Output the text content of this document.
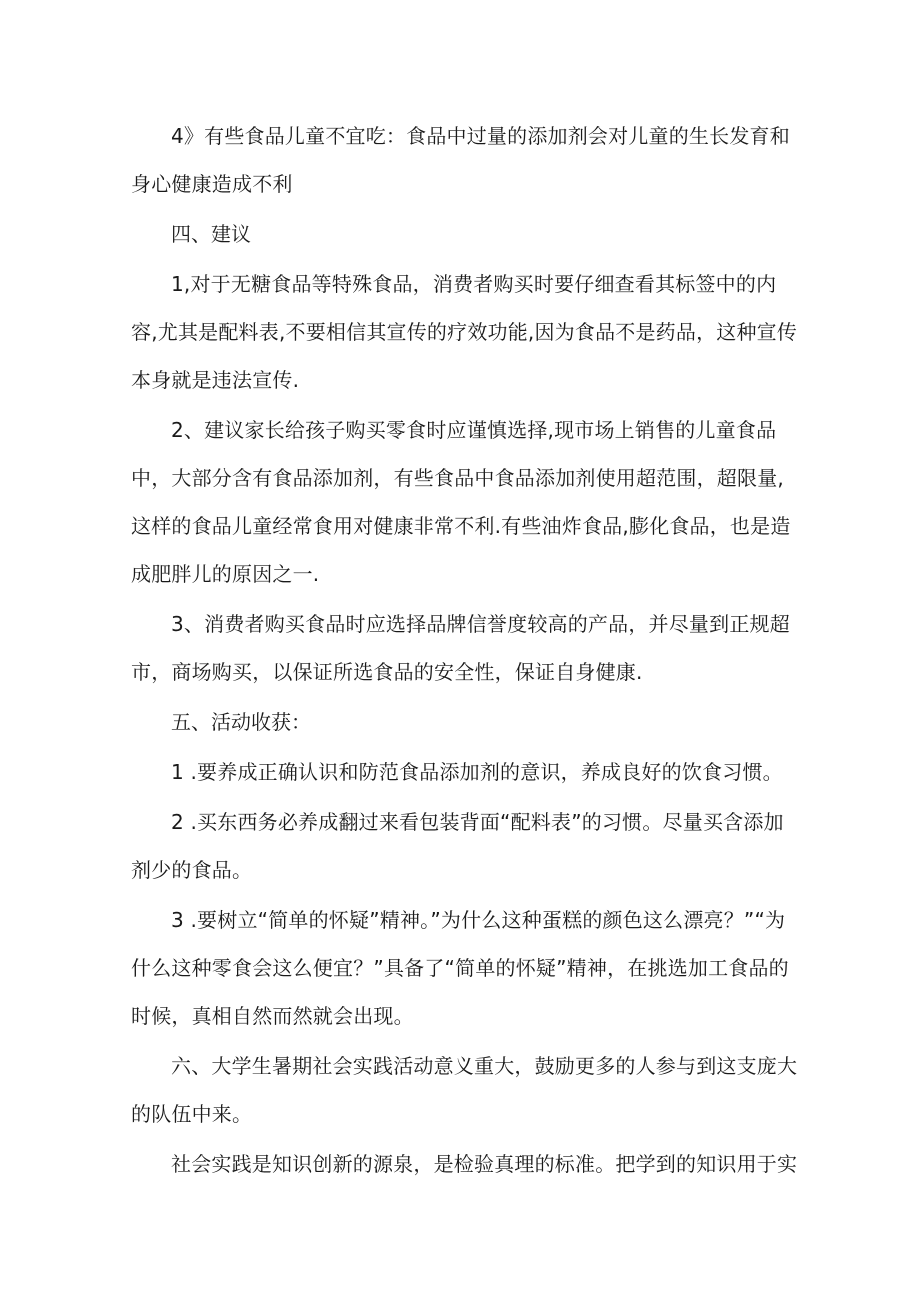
4》有些食品儿童不宜吃：食品中过量的添加剂会对儿童的生长发育和身心健康造成不利

四、建议

1,对于无糖食品等特殊食品，消费者购买时要仔细查看其标签中的内容,尤其是配料表,不要相信其宣传的疗效功能,因为食品不是药品，这种宣传本身就是违法宣传.

2、建议家长给孩子购买零食时应谨慎选择,现市场上销售的儿童食品中，大部分含有食品添加剂，有些食品中食品添加剂使用超范围，超限量,这样的食品儿童经常食用对健康非常不利.有些油炸食品,膨化食品，也是造成肥胖儿的原因之一.

3、消费者购买食品时应选择品牌信誉度较高的产品，并尽量到正规超市，商场购买，以保证所选食品的安全性，保证自身健康.

五、活动收获：

1 .要养成正确认识和防范食品添加剂的意识，养成良好的饮食习惯。

2 .买东西务必养成翻过来看包装背面“配料表”的习惯。尽量买含添加剂少的食品。

3 .要树立“简单的怀疑”精神。”为什么这种蛋糕的颜色这么漂亮？”“为什么这种零食会这么便宜？”具备了“简单的怀疑”精神，在挑选加工食品的时候，真相自然而然就会出现。

六、大学生暑期社会实践活动意义重大，鼓励更多的人参与到这支庞大的队伍中来。

社会实践是知识创新的源泉，是检验真理的标准。把学到的知识用于实
